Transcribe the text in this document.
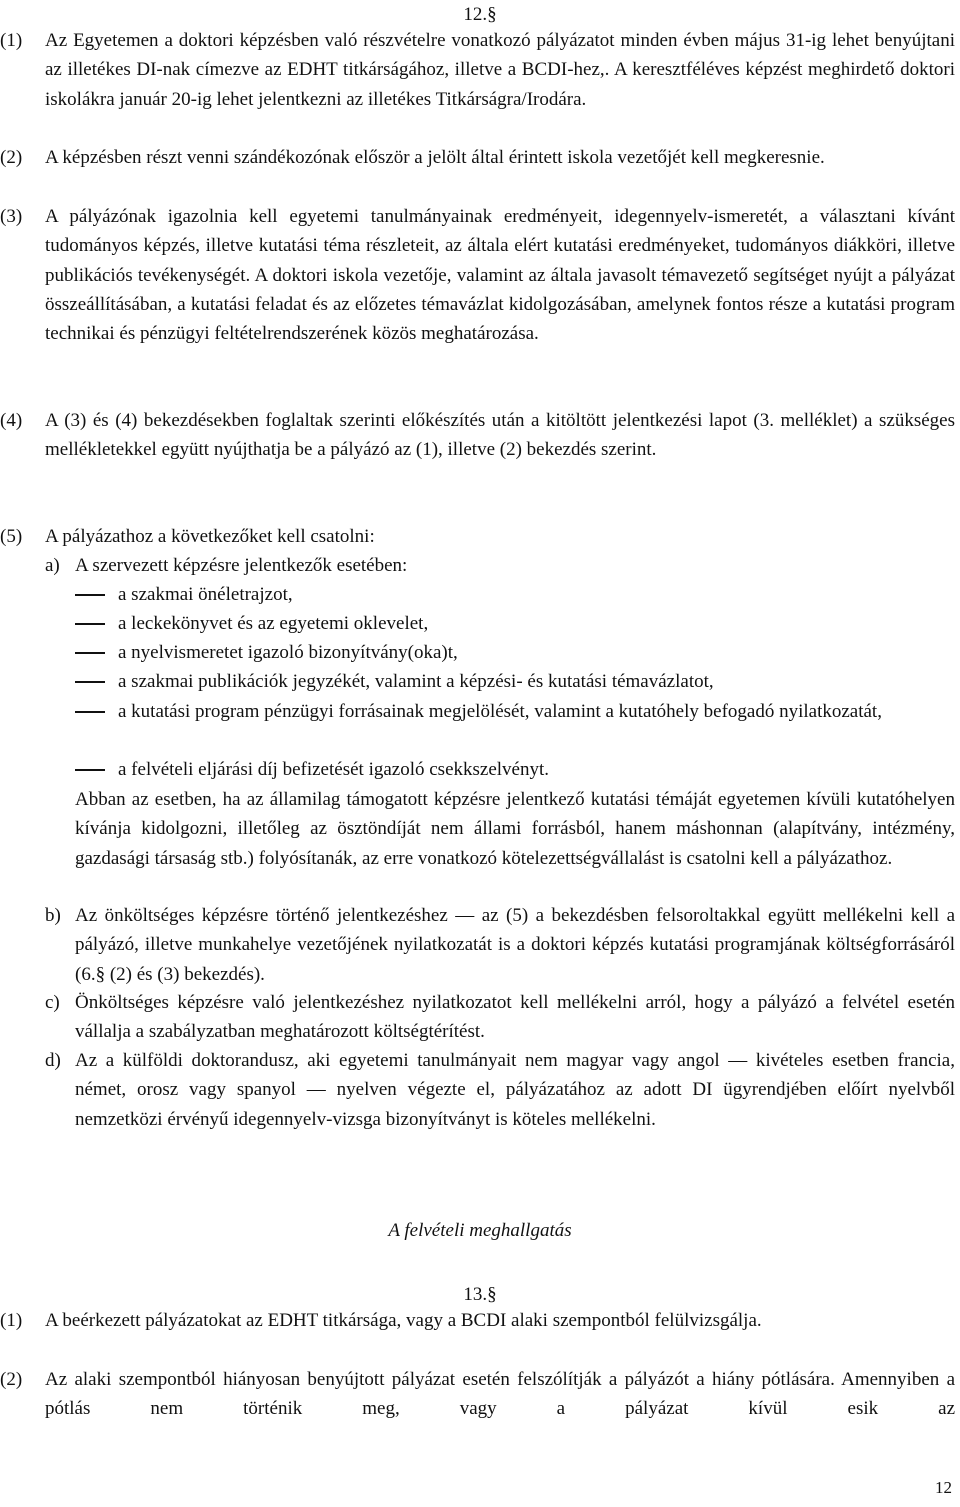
12.§
(1)	Az Egyetemen a doktori képzésben való részvételre vonatkozó pályázatot minden évben május 31-ig lehet benyújtani az illetékes DI-nak címezve az EDHT titkárságához, illetve a BCDI-hez,. A keresztféléves képzést meghirdető doktori iskolákra január 20-ig lehet jelentkezni az illetékes Titkárságra/Irodára.
(2)	A képzésben részt venni szándékozónak először a jelölt által érintett iskola vezetőjét kell megkeresnie.
(3)	A pályázónak igazolnia kell egyetemi tanulmányainak eredményeit, idegennyelv-ismeretét, a választani kívánt tudományos képzés, illetve kutatási téma részleteit, az általa elért kutatási eredményeket, tudományos diákköri, illetve publikációs tevékenységét. A doktori iskola vezetője, valamint az általa javasolt témavezető segítséget nyújt a pályázat összeállításában, a kutatási feladat és az előzetes témavázlat kidolgozásában, amelynek fontos része a kutatási program technikai és pénzügyi feltételrendszerének közös meghatározása.
(4)	A (3) és (4) bekezdésekben foglaltak szerinti előkészítés után a kitöltött jelentkezési lapot (3. melléklet) a szükséges mellékletekkel együtt nyújthatja be a pályázó az (1), illetve (2) bekezdés szerint.
(5)	A pályázathoz a következőket kell csatolni:
a) A szervezett képzésre jelentkezők esetében:
a szakmai önéletrajzot,
a leckekönyvet és az egyetemi oklevelet,
a nyelvismeretet igazoló bizonyítvány(oka)t,
a szakmai publikációk jegyzékét, valamint a képzési- és kutatási témavázlatot,
a kutatási program pénzügyi forrásainak megjelölését, valamint a kutatóhely befogadó nyilatkozatát,
a felvételi eljárási díj befizetését igazoló csekkszelvényt.
Abban az esetben, ha az államilag támogatott képzésre jelentkező kutatási témáját egyetemen kívüli kutatóhelyen kívánja kidolgozni, illetőleg az ösztöndíját nem állami forrásból, hanem máshonnan (alapítvány, intézmény, gazdasági társaság stb.) folyósítanák, az erre vonatkozó kötelezettségvállalást is csatolni kell a pályázathoz.
b) Az önköltséges képzésre történő jelentkezéshez — az (5) a bekezdésben felsoroltakkal együtt mellékelni kell a pályázó, illetve munkahelye vezetőjének nyilatkozatát is a doktori képzés kutatási programjának költségforrásáról (6.§ (2) és (3) bekezdés).
c) Önköltséges képzésre való jelentkezéshez nyilatkozatot kell mellékelni arról, hogy a pályázó a felvétel esetén vállalja a szabályzatban meghatározott költségtérítést.
d) Az a külföldi doktorandusz, aki egyetemi tanulmányait nem magyar vagy angol — kivételes esetben francia, német, orosz vagy spanyol — nyelven végezte el, pályázatához az adott DI ügyrendjében előírt nyelvből nemzetközi érvényű idegennyelv-vizsga bizonyítványt is köteles mellékelni.
A felvételi meghallgatás
13.§
(1)	A beérkezett pályázatokat az EDHT titkársága, vagy a BCDI alaki szempontból felülvizsgálja.
(2)	Az alaki szempontból hiányosan benyújtott pályázat esetén felszólítják a pályázót a hiány pótlására. Amennyiben a pótlás nem történik meg, vagy a pályázat kívül esik az
12
